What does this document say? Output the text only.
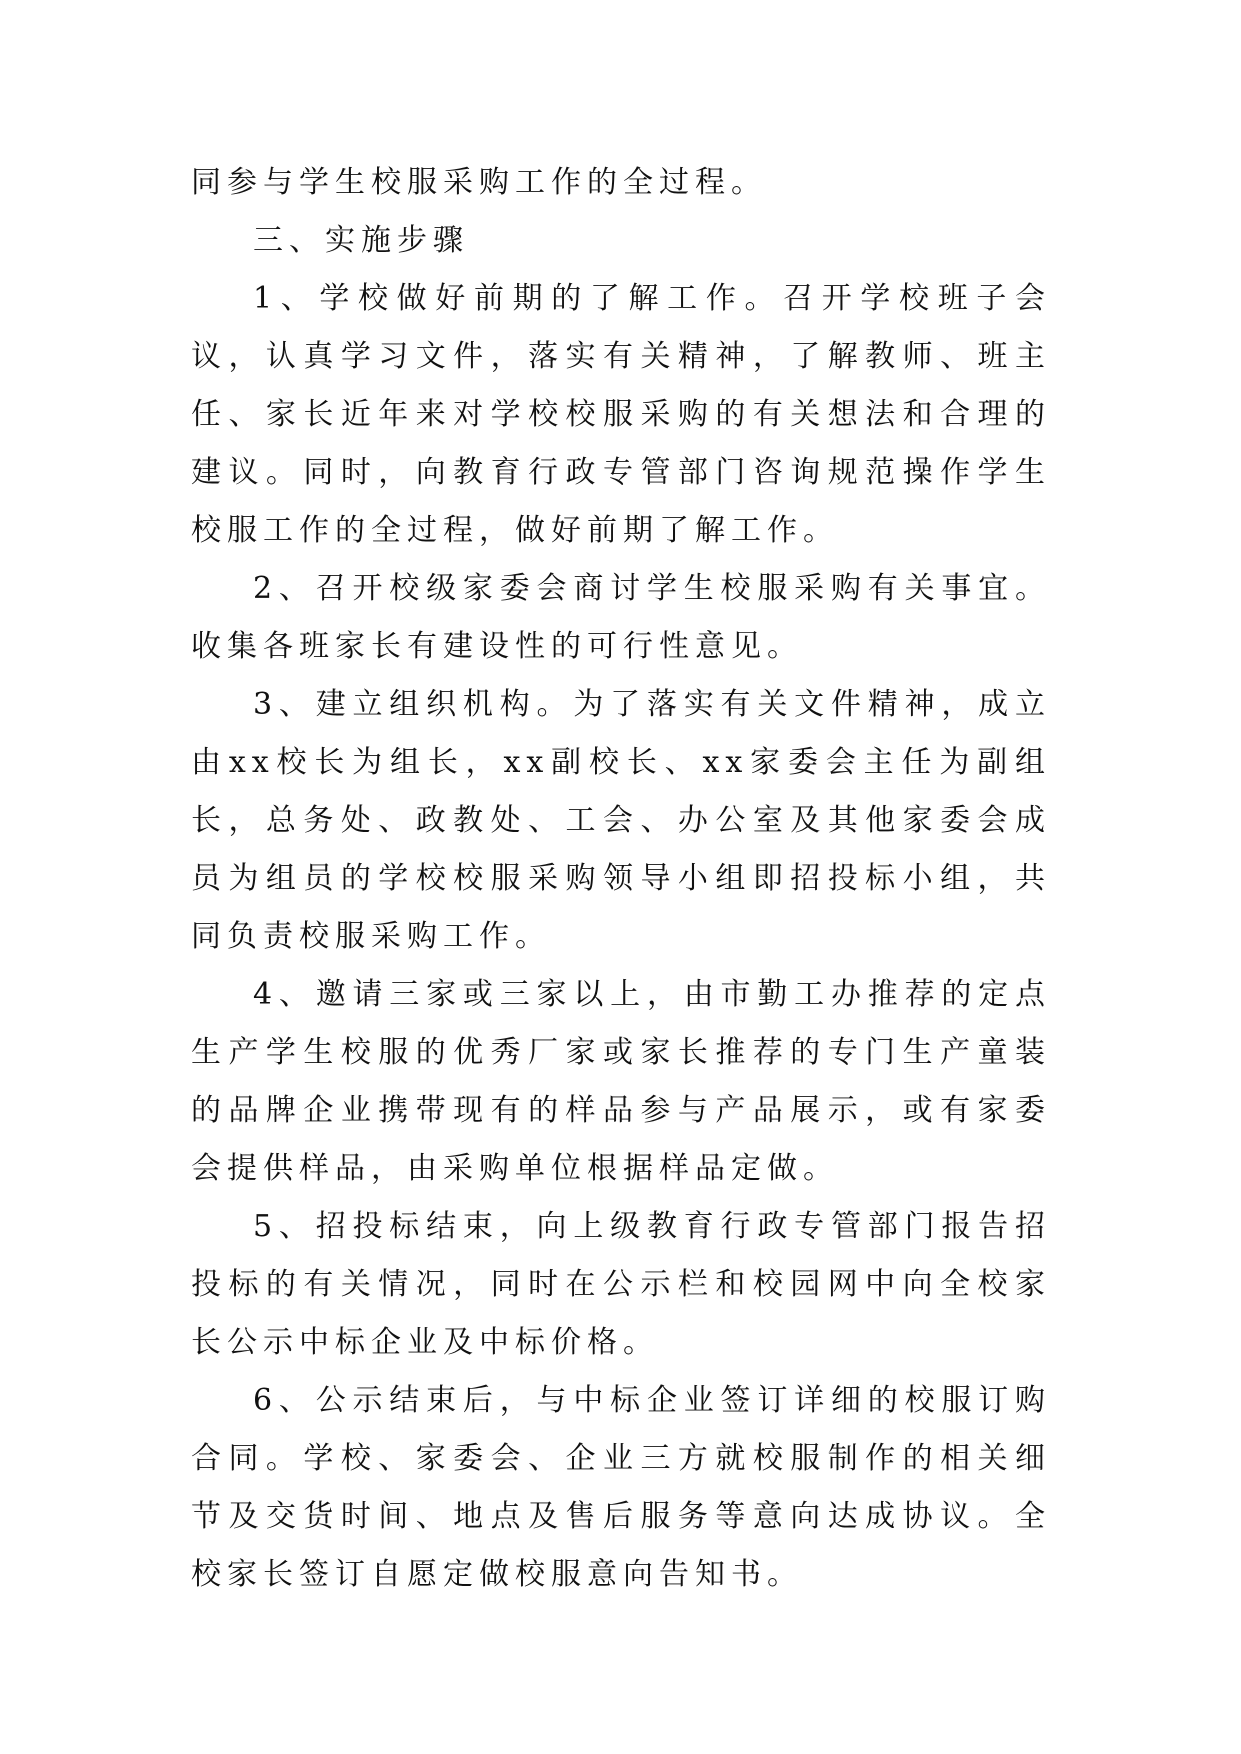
同参与学生校服采购工作的全过程。

三、实施步骤

1、学校做好前期的了解工作。召开学校班子会议，认真学习文件，落实有关精神，了解教师、班主任、家长近年来对学校校服采购的有关想法和合理的建议。同时，向教育行政专管部门咨询规范操作学生校服工作的全过程，做好前期了解工作。

2、召开校级家委会商讨学生校服采购有关事宜。收集各班家长有建设性的可行性意见。

3、建立组织机构。为了落实有关文件精神，成立由xx校长为组长，xx副校长、xx家委会主任为副组长，总务处、政教处、工会、办公室及其他家委会成员为组员的学校校服采购领导小组即招投标小组，共同负责校服采购工作。

4、邀请三家或三家以上，由市勤工办推荐的定点生产学生校服的优秀厂家或家长推荐的专门生产童装的品牌企业携带现有的样品参与产品展示，或有家委会提供样品，由采购单位根据样品定做。

5、招投标结束，向上级教育行政专管部门报告招投标的有关情况，同时在公示栏和校园网中向全校家长公示中标企业及中标价格。

6、公示结束后，与中标企业签订详细的校服订购合同。学校、家委会、企业三方就校服制作的相关细节及交货时间、地点及售后服务等意向达成协议。全校家长签订自愿定做校服意向告知书。
